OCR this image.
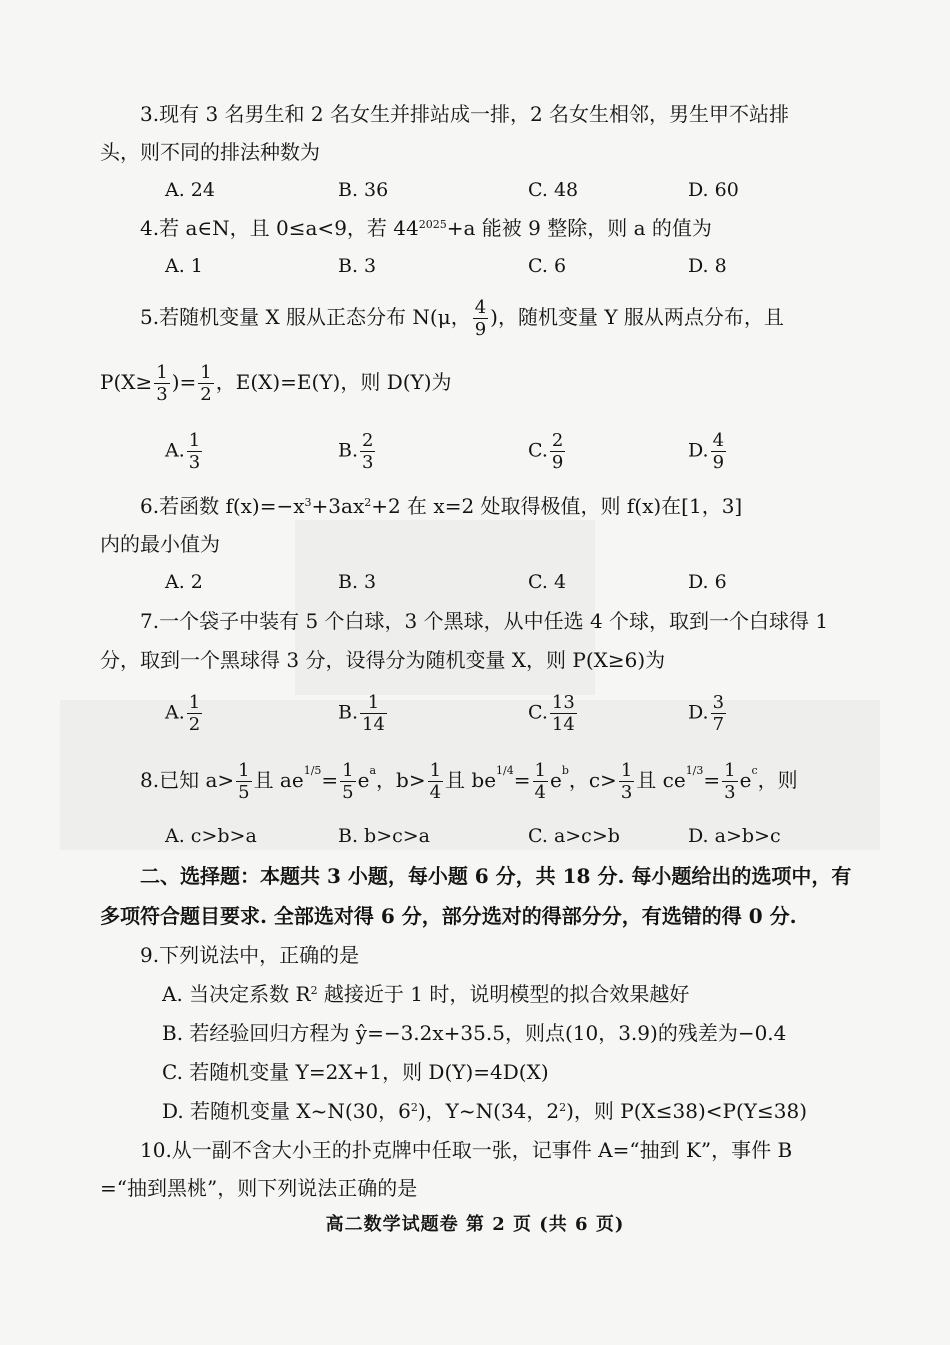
3.现有 3 名男生和 2 名女生并排站成一排，2 名女生相邻，男生甲不站排
头，则不同的排法种数为
A. 24	B. 36	C. 48	D. 60
4.若 a∈N，且 0≤a<9，若 $44^{2025}+a$ 能被 9 整除，则 a 的值为
A. 1	B. 3	C. 6	D. 8
5.若随机变量 X 服从正态分布 N(μ， $\frac{4}{9}$ )，随机变量 Y 服从两点分布，且
$P(X\ge \frac{1}{3}$ )= $\frac{1}{2}$ ，E(X)=E(Y)，则 D(Y)为
A. $\frac{1}{3}$	B. $\frac{2}{3}$	C. $\frac{2}{9}$	D. $\frac{4}{9}$
6.若函数 $f(x)=-x^3+3ax^2+2$ 在 x=2 处取得极值，则 f(x)在[1，3]
内的最小值为
A. 2	B. 3	C. 4	D. 6
7.一个袋子中装有 5 个白球，3 个黑球，从中任选 4 个球，取到一个白球得 1
分，取到一个黑球得 3 分，设得分为随机变量 X，则 P(X≥6)为
A. $\frac{1}{2}$	B. $\frac{1}{14}$	C. $\frac{13}{14}$	D. $\frac{3}{7}$
8.已知 $a> \frac{1}{5}$ 且 $ae^{1/5}= \frac{1}{5} e^a$，$b> \frac{1}{4}$ 且 $be^{1/4}= \frac{1}{4} e^b$，$c> \frac{1}{3}$ 且 $ce^{1/3}= \frac{1}{3} e^c$，则
A. c>b>a	B. b>c>a	C. a>c>b	D. a>b>c
二、选择题：本题共 3 小题，每小题 6 分，共 18 分. 每小题给出的选项中，有
多项符合题目要求. 全部选对得 6 分，部分选对的得部分分，有选错的得 0 分.
9.下列说法中，正确的是
A. 当决定系数 $R^2$ 越接近于 1 时，说明模型的拟合效果越好
B. 若经验回归方程为 ŷ=−3.2x+35.5，则点(10，3.9)的残差为−0.4
C. 若随机变量 Y=2X+1，则 D(Y)=4D(X)
D. 若随机变量 X~N(30，$6^2$)，Y~N(34，$2^2$)，则 P(X≤38)<P(Y≤38)
10.从一副不含大小王的扑克牌中任取一张，记事件 A=“抽到 K”，事件 B
=“抽到黑桃”，则下列说法正确的是
高二数学试题卷 第 2 页 (共 6 页)
